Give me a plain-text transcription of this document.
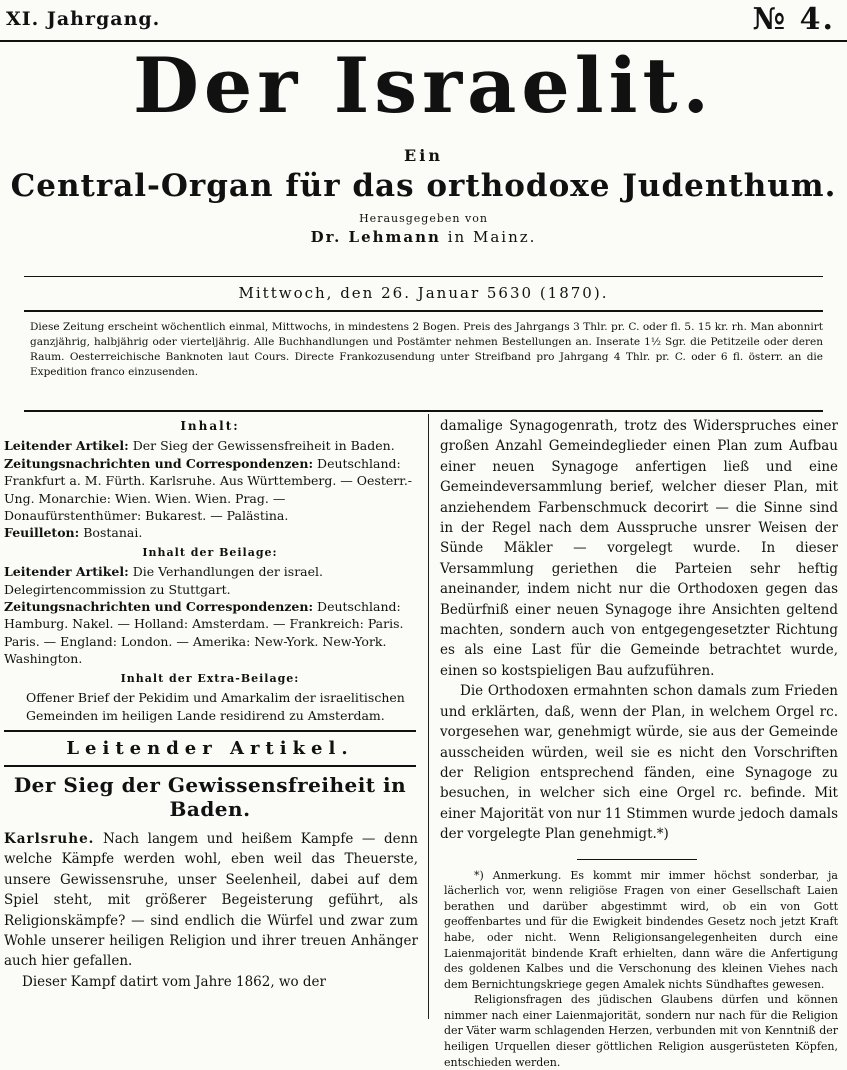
XI. Jahrgang.	№ 4.
Der Israelit.
Ein
Central-Organ für das orthodoxe Judenthum.
Herausgegeben von
Dr. Lehmann in Mainz.
Mittwoch, den 26. Januar 5630 (1870).
Diese Zeitung erscheint wöchentlich einmal, Mittwochs, in mindestens 2 Bogen. Preis des Jahrgangs 3 Thlr. pr. C. oder fl. 5. 15 kr. rh. Man abonnirt ganzjährig, halbjährig oder vierteljährig. Alle Buchhandlungen und Postämter nehmen Bestellungen an. Inserate 1½ Sgr. die Petitzeile oder deren Raum. Oesterreichische Banknoten laut Cours. Directe Frankozusendung unter Streifband pro Jahrgang 4 Thlr. pr. C. oder 6 fl. österr. an die Expedition franco einzusenden.
Inhalt:

Leitender Artikel: Der Sieg der Gewissensfreiheit in Baden.

Zeitungsnachrichten und Correspondenzen: Deutschland: Frankfurt a. M. Fürth. Karlsruhe. Aus Württemberg. — Oesterr.-Ung. Monarchie: Wien. Wien. Wien. Prag. — Donaufürstenthümer: Bukarest. — Palästina.

Feuilleton: Bostanai.

Inhalt der Beilage:

Leitender Artikel: Die Verhandlungen der israel. Delegirtencommission zu Stuttgart.

Zeitungsnachrichten und Correspondenzen: Deutschland: Hamburg. Nakel. — Holland: Amsterdam. — Frankreich: Paris. Paris. — England: London. — Amerika: New-York. New-York. Washington.

Inhalt der Extra-Beilage:

Offener Brief der Pekidim und Amarkalim der israelitischen Gemeinden im heiligen Lande residirend zu Amsterdam.

Leitender Artikel.
Der Sieg der Gewissensfreiheit in Baden.

Karlsruhe. Nach langem und heißem Kampfe — denn welche Kämpfe werden wohl, eben weil das Theuerste, unsere Gewissensruhe, unser Seelenheil, dabei auf dem Spiel steht, mit größerer Begeisterung geführt, als Religionskämpfe? — sind endlich die Würfel und zwar zum Wohle unserer heiligen Religion und ihrer treuen Anhänger auch hier gefallen.

Dieser Kampf datirt vom Jahre 1862, wo der

damalige Synagogenrath, trotz des Widerspruches einer großen Anzahl Gemeindeglieder einen Plan zum Aufbau einer neuen Synagoge anfertigen ließ und eine Gemeindeversammlung berief, welcher dieser Plan, mit anziehendem Farbenschmuck decorirt — die Sinne sind in der Regel nach dem Ausspruche unsrer Weisen der Sünde Mäkler — vorgelegt wurde. In dieser Versammlung geriethen die Parteien sehr heftig aneinander, indem nicht nur die Orthodoxen gegen das Bedürfniß einer neuen Synagoge ihre Ansichten geltend machten, sondern auch von entgegengesetzter Richtung es als eine Last für die Gemeinde betrachtet wurde, einen so kostspieligen Bau aufzuführen.

Die Orthodoxen ermahnten schon damals zum Frieden und erklärten, daß, wenn der Plan, in welchem Orgel rc. vorgesehen war, genehmigt würde, sie aus der Gemeinde ausscheiden würden, weil sie es nicht den Vorschriften der Religion entsprechend fänden, eine Synagoge zu besuchen, in welcher sich eine Orgel rc. befinde. Mit einer Majorität von nur 11 Stimmen wurde jedoch damals der vorgelegte Plan genehmigt.*)

*) Anmerkung. Es kommt mir immer höchst sonderbar, ja lächerlich vor, wenn religiöse Fragen von einer Gesellschaft Laien berathen und darüber abgestimmt wird, ob ein von Gott geoffenbartes und für die Ewigkeit bindendes Gesetz noch jetzt Kraft habe, oder nicht. Wenn Religionsangelegenheiten durch eine Laienmajorität bindende Kraft erhielten, dann wäre die Anfertigung des goldenen Kalbes und die Verschonung des kleinen Viehes nach dem Bernichtungskriege gegen Amalek nichts Sündhaftes gewesen.

Religionsfragen des jüdischen Glaubens dürfen und können nimmer nach einer Laienmajorität, sondern nur nach für die Religion der Väter warm schlagenden Herzen, verbunden mit von Kenntniß der heiligen Urquellen dieser göttlichen Religion ausgerüsteten Köpfen, entschieden werden.
